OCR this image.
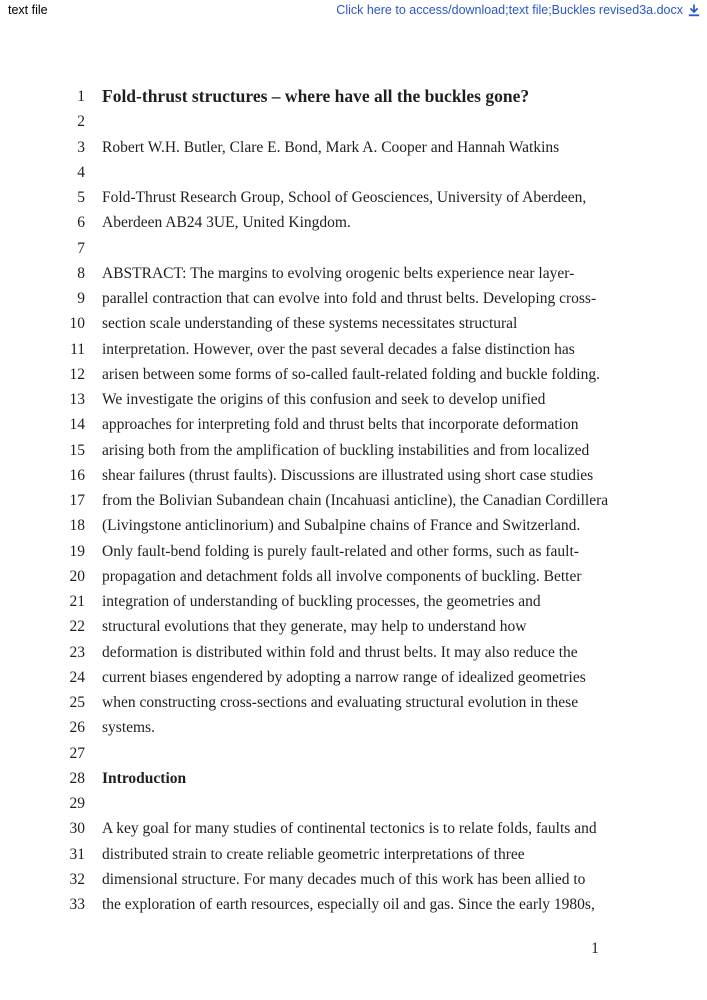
text file	Click here to access/download;text file;Buckles revised3a.docx
1 Fold-thrust structures – where have all the buckles gone?
2
3	Robert W.H. Butler, Clare E. Bond, Mark A. Cooper and Hannah Watkins
4
5	Fold-Thrust Research Group, School of Geosciences, University of Aberdeen,
6	Aberdeen AB24 3UE, United Kingdom.
7
8	ABSTRACT: The margins to evolving orogenic belts experience near layer-
9	parallel contraction that can evolve into fold and thrust belts. Developing cross-
10	section scale understanding of these systems necessitates structural
11	interpretation. However, over the past several decades a false distinction has
12	arisen between some forms of so-called fault-related folding and buckle folding.
13	We investigate the origins of this confusion and seek to develop unified
14	approaches for interpreting fold and thrust belts that incorporate deformation
15	arising both from the amplification of buckling instabilities and from localized
16	shear failures (thrust faults). Discussions are illustrated using short case studies
17	from the Bolivian Subandean chain (Incahuasi anticline), the Canadian Cordillera
18	(Livingstone anticlinorium) and Subalpine chains of France and Switzerland.
19	Only fault-bend folding is purely fault-related and other forms, such as fault-
20	propagation and detachment folds all involve components of buckling. Better
21	integration of understanding of buckling processes, the geometries and
22	structural evolutions that they generate, may help to understand how
23	deformation is distributed within fold and thrust belts. It may also reduce the
24	current biases engendered by adopting a narrow range of idealized geometries
25	when constructing cross-sections and evaluating structural evolution in these
26	systems.
27
28	Introduction
29
30	A key goal for many studies of continental tectonics is to relate folds, faults and
31	distributed strain to create reliable geometric interpretations of three
32	dimensional structure. For many decades much of this work has been allied to
33	the exploration of earth resources, especially oil and gas. Since the early 1980s,
1
